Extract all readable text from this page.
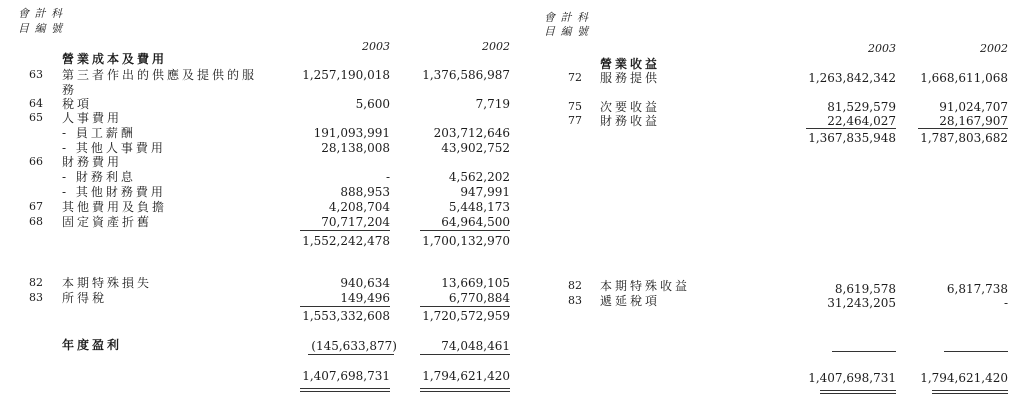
會 計 科
目 編 號
2003	2002
營業成本及費用
63 第三者作出的供應及提供的服	1,257,190,018	1,376,586,987
務
64 稅項	5,600	7,719
65 人事費用
- 員工薪酬	191,093,991	203,712,646
- 其他人事費用	28,138,008	43,902,752
66 財務費用
- 財務利息	-	4,562,202
- 其他財務費用	888,953	947,991
67 其他費用及負擔	4,208,704	5,448,173
68 固定資產折舊	70,717,204	64,964,500
1,552,242,478	1,700,132,970
82 本期特殊損失	940,634	13,669,105
83 所得稅	149,496	6,770,884
1,553,332,608	1,720,572,959
年度盈利	(145,633,877)	74,048,461
1,407,698,731	1,794,621,420
會 計 科
目 編 號
2003	2002
營業收益
72 服務提供	1,263,842,342	1,668,611,068
75 次要收益	81,529,579	91,024,707
77 財務收益	22,464,027	28,167,907
1,367,835,948	1,787,803,682
82 本期特殊收益	8,619,578	6,817,738
83 遞延稅項	31,243,205	-
1,407,698,731	1,794,621,420
